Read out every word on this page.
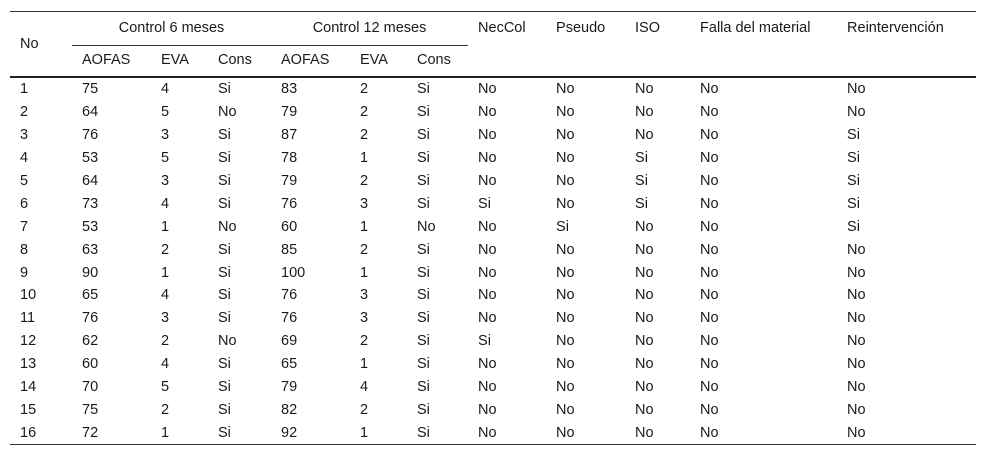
No	Control 6 meses			Control 12 meses			NecCol	Pseudo	ISO	Falla del material	Reintervención
	AOFAS	EVA	Cons	AOFAS	EVA	Cons					
1	75	4	Si	83	2	Si	No	No	No	No	No
2	64	5	No	79	2	Si	No	No	No	No	No
3	76	3	Si	87	2	Si	No	No	No	No	Si
4	53	5	Si	78	1	Si	No	No	Si	No	Si
5	64	3	Si	79	2	Si	No	No	Si	No	Si
6	73	4	Si	76	3	Si	Si	No	Si	No	Si
7	53	1	No	60	1	No	No	Si	No	No	Si
8	63	2	Si	85	2	Si	No	No	No	No	No
9	90	1	Si	100	1	Si	No	No	No	No	No
10	65	4	Si	76	3	Si	No	No	No	No	No
11	76	3	Si	76	3	Si	No	No	No	No	No
12	62	2	No	69	2	Si	Si	No	No	No	No
13	60	4	Si	65	1	Si	No	No	No	No	No
14	70	5	Si	79	4	Si	No	No	No	No	No
15	75	2	Si	82	2	Si	No	No	No	No	No
16	72	1	Si	92	1	Si	No	No	No	No	No
